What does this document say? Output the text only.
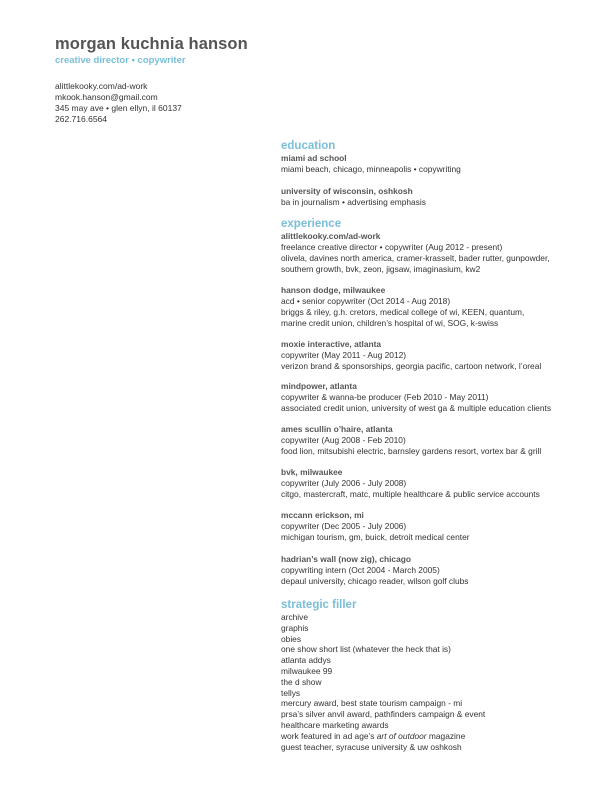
morgan kuchnia hanson
creative director • copywriter
alittlekooky.com/ad-work
mkook.hanson@gmail.com
345 may ave • glen ellyn, il 60137
262.716.6564
education
miami ad school
miami beach, chicago, minneapolis • copywriting
university of wisconsin, oshkosh
ba in journalism • advertising emphasis
experience
alittlekooky.com/ad-work
freelance creative director • copywriter (Aug 2012 - present)
olivela, davines north america, cramer-krasselt, bader rutter, gunpowder,
southern growth, bvk, zeon, jigsaw, imaginasium, kw2
hanson dodge, milwaukee
acd • senior copywriter (Oct 2014 - Aug 2018)
briggs & riley, g.h. cretors, medical college of wi, KEEN, quantum,
marine credit union, children’s hospital of wi, SOG, k-swiss
moxie interactive, atlanta
copywriter (May 2011 - Aug 2012)
verizon brand & sponsorships, georgia pacific, cartoon network, l’oreal
mindpower, atlanta
copywriter & wanna-be producer (Feb 2010 - May 2011)
associated credit union, university of west ga & multiple education clients
ames scullin o’haire, atlanta
copywriter (Aug 2008 - Feb 2010)
food lion, mitsubishi electric, barnsley gardens resort, vortex bar & grill
bvk, milwaukee
copywriter (July 2006 - July 2008)
citgo, mastercraft, matc, multiple healthcare & public service accounts
mccann erickson, mi
copywriter (Dec 2005 - July 2006)
michigan tourism, gm, buick, detroit medical center
hadrian’s wall (now zig), chicago
copywriting intern (Oct 2004 - March 2005)
depaul university, chicago reader, wilson golf clubs
strategic filler
archive
graphis
obies
one show short list (whatever the heck that is)
atlanta addys
milwaukee 99
the d show
tellys
mercury award, best state tourism campaign - mi
prsa’s silver anvil award, pathfinders campaign & event
healthcare marketing awards
work featured in ad age’s art of outdoor magazine
guest teacher, syracuse university & uw oshkosh
